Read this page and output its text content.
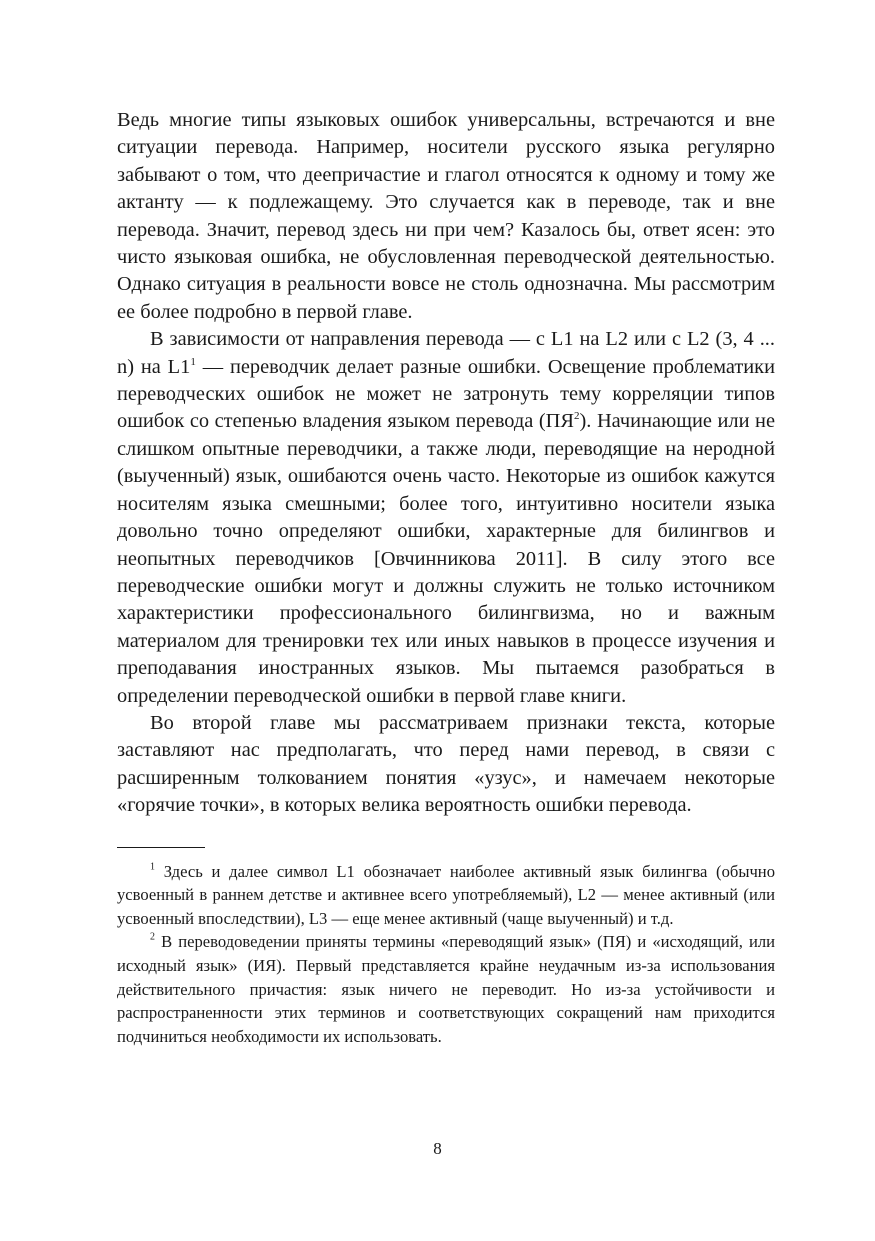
Ведь многие типы языковых ошибок универсальны, встречаются и вне ситуации перевода. Например, носители русского языка регулярно забывают о том, что деепричастие и глагол относятся к одному и тому же актанту — к подлежащему. Это случается как в переводе, так и вне перевода. Значит, перевод здесь ни при чем? Казалось бы, ответ ясен: это чисто языковая ошибка, не обусловленная переводческой деятельностью. Однако ситуация в реальности вовсе не столь однозначна. Мы рассмотрим ее более подробно в первой главе.

В зависимости от направления перевода — с L1 на L2 или с L2 (3, 4 ... n) на L1$^1$ — переводчик делает разные ошибки. Освещение проблематики переводческих ошибок не может не затронуть тему корреляции типов ошибок со степенью владения языком перевода (ПЯ$^2$). Начинающие или не слишком опытные переводчики, а также люди, переводящие на неродной (выученный) язык, ошибаются очень часто. Некоторые из ошибок кажутся носителям языка смешными; более того, интуитивно носители языка довольно точно определяют ошибки, характерные для билингвов и неопытных переводчиков [Овчинникова 2011]. В силу этого все переводческие ошибки могут и должны служить не только источником характеристики профессионального билингвизма, но и важным материалом для тренировки тех или иных навыков в процессе изучения и преподавания иностранных языков. Мы пытаемся разобраться в определении переводческой ошибки в первой главе книги.

Во второй главе мы рассматриваем признаки текста, которые заставляют нас предполагать, что перед нами перевод, в связи с расширенным толкованием понятия «узус», и намечаем некоторые «горячие точки», в которых велика вероятность ошибки перевода.

$^1$ Здесь и далее символ L1 обозначает наиболее активный язык билингва (обычно усвоенный в раннем детстве и активнее всего употребляемый), L2 — менее активный (или усвоенный впоследствии), L3 — еще менее активный (чаще выученный) и т.д.

$^2$ В переводоведении приняты термины «переводящий язык» (ПЯ) и «исходящий, или исходный язык» (ИЯ). Первый представляется крайне неудачным из-за использования действительного причастия: язык ничего не переводит. Но из-за устойчивости и распространенности этих терминов и соответствующих сокращений нам приходится подчиниться необходимости их использовать.

8
